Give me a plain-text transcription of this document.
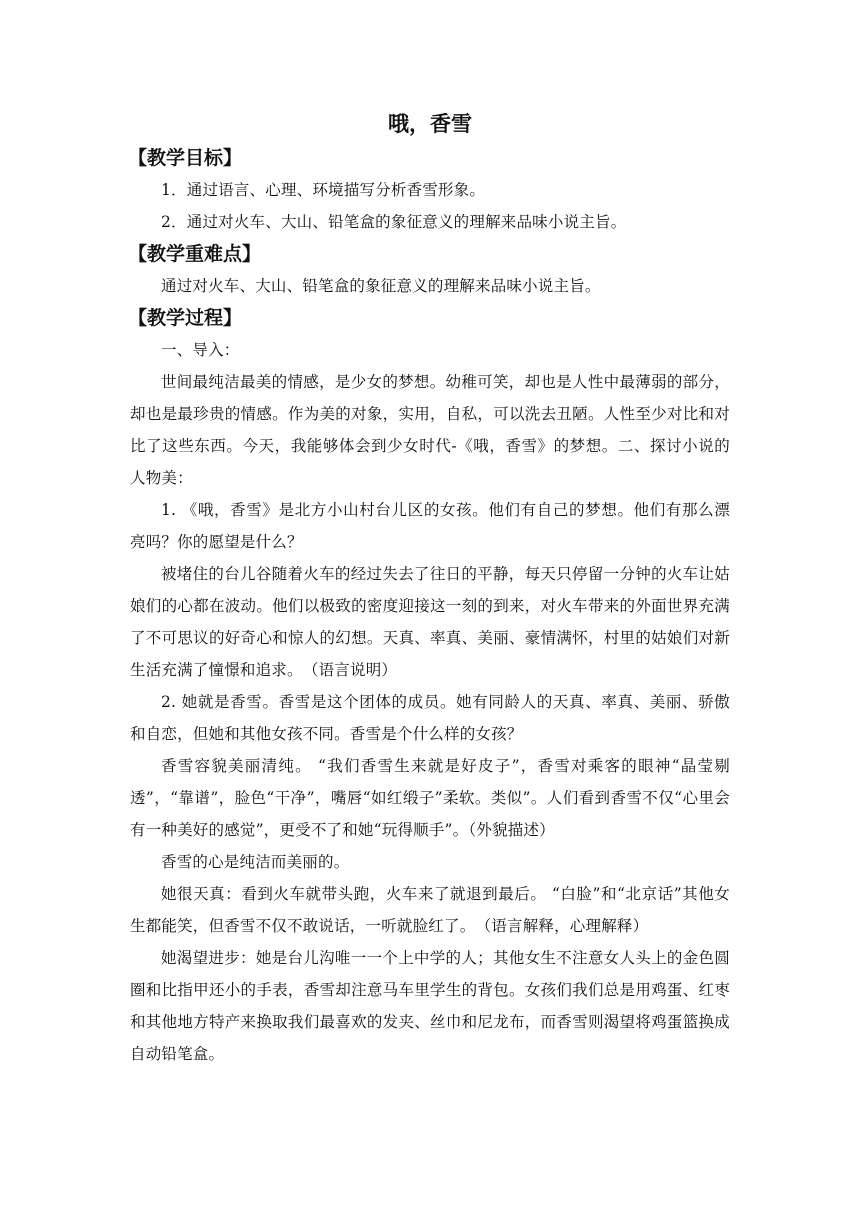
哦，香雪
【教学目标】

1．通过语言、心理、环境描写分析香雪形象。

2．通过对火车、大山、铅笔盒的象征意义的理解来品味小说主旨。

【教学重难点】

通过对火车、大山、铅笔盒的象征意义的理解来品味小说主旨。

【教学过程】

一、导入：

世间最纯洁最美的情感，是少女的梦想。幼稚可笑，却也是人性中最薄弱的部分，却也是最珍贵的情感。作为美的对象，实用，自私，可以洗去丑陋。人性至少对比和对比了这些东西。今天，我能够体会到少女时代-《哦，香雪》的梦想。二、探讨小说的人物美：

1. 《哦，香雪》是北方小山村台儿区的女孩。他们有自己的梦想。他们有那么漂亮吗？你的愿望是什么？

被堵住的台儿谷随着火车的经过失去了往日的平静，每天只停留一分钟的火车让姑娘们的心都在波动。他们以极致的密度迎接这一刻的到来，对火车带来的外面世界充满了不可思议的好奇心和惊人的幻想。天真、率真、美丽、豪情满怀，村里的姑娘们对新生活充满了憧憬和追求。　（语言说明）

2. 她就是香雪。香雪是这个团体的成员。她有同龄人的天真、率真、美丽、骄傲和自恋，但她和其他女孩不同。香雪是个什么样的女孩？

香雪容貌美丽清纯。 “我们香雪生来就是好皮子”，香雪对乘客的眼神“晶莹剔透”，“靠谱”，脸色“干净”，嘴唇“如红缎子”柔软。类似”。人们看到香雪不仅“心里会有一种美好的感觉”，更受不了和她“玩得顺手”。（外貌描述）

香雪的心是纯洁而美丽的。

她很天真：看到火车就带头跑，火车来了就退到最后。 “白脸”和“北京话”其他女生都能笑，但香雪不仅不敢说话，一听就脸红了。　（语言解释，心理解释）

她渴望进步：她是台儿沟唯一一个上中学的人；其他女生不注意女人头上的金色圆圈和比指甲还小的手表，香雪却注意马车里学生的背包。女孩们我们总是用鸡蛋、红枣和其他地方特产来换取我们最喜欢的发夹、丝巾和尼龙布，而香雪则渴望将鸡蛋篮换成自动铅笔盒。
